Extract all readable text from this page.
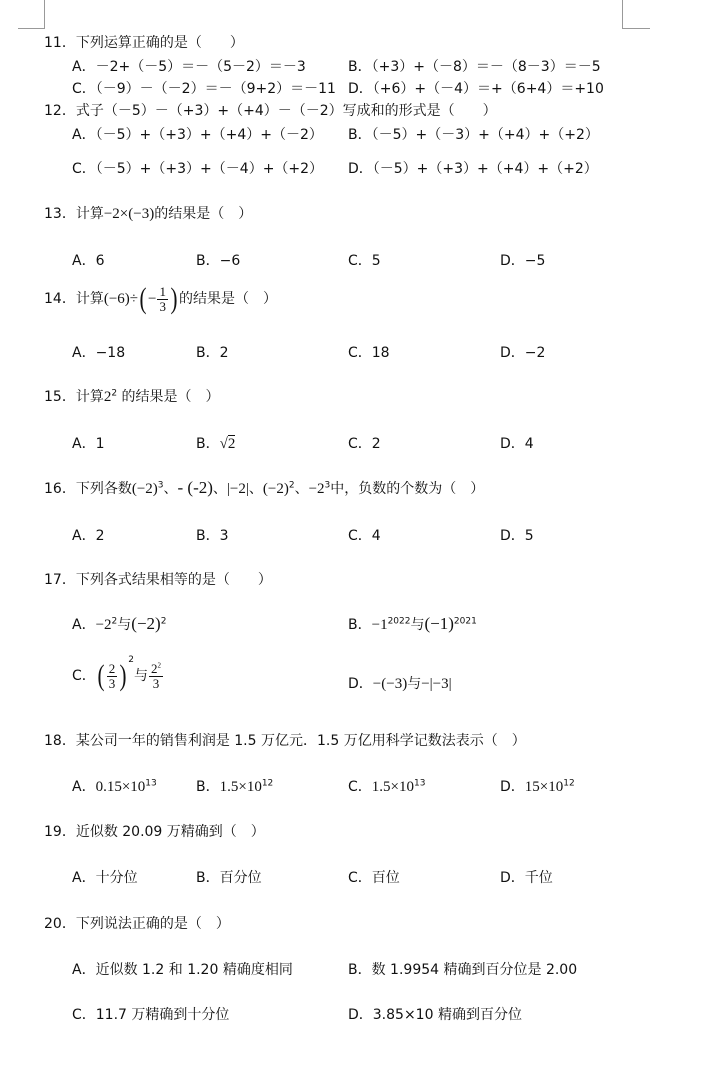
11．下列运算正确的是（　　）
A．－2+（－5）＝－（5－2）＝－3	B．（+3）+（－8）＝－（8－3）＝－5
C．（－9）－（－2）＝－（9+2）＝－11 D．（+6）+（－4）＝+（6+4）＝+10
12．式子（－5）－（+3）+（+4）－（－2）写成和的形式是（　　）
A．（－5）+（+3）+（+4）+（－2） B．（－5）+（－3）+（+4）+（+2）
C．（－5）+（+3）+（－4）+（+2） D．（－5）+（+3）+（+4）+（+2）
13．计算−2×(−3)的结果是（　）
A．6	B．−6	C．5	D．−5
14．计算$(-6)\div( - \frac{1}{3}$ ) 的结果是（　）
A．−18	B．2	C．18	D．−2
15．计算$2^2$ 的结果是（　）
A．1	B．√2	C．2	D．4
16．下列各数$(-2)^3$、- (-2)、|−2|、$(-2)^2$、$-2^3$中，负数的个数为（　）
A．2	B．3	C．4	D．5
17．下列各式结果相等的是（　　）
A．$-2^2$与$(-2)^2$	B．$-1^{2022}$与$(-1)^{2021}$
C．( $\frac{2}{3}$ ) $^2$与 $\frac{2^2}{3}$	D．−(−3)与−|−3|
18．某公司一年的销售利润是 1.5 万亿元．1.5 万亿用科学记数法表示（　）
A．$0.15\times 10^{13}$	B．$1.5\times 10^{12}$	C．$1.5\times 10^{13}$	D．$15\times 10^{12}$
19．近似数 20.09 万精确到（　）
A．十分位	B．百分位	C．百位	D．千位
20．下列说法正确的是（　）
A．近似数 1.2 和 1.20 精确度相同	B．数 1.9954 精确到百分位是 2.00
C．11.7 万精确到十分位	D．3.85×10 精确到百分位
